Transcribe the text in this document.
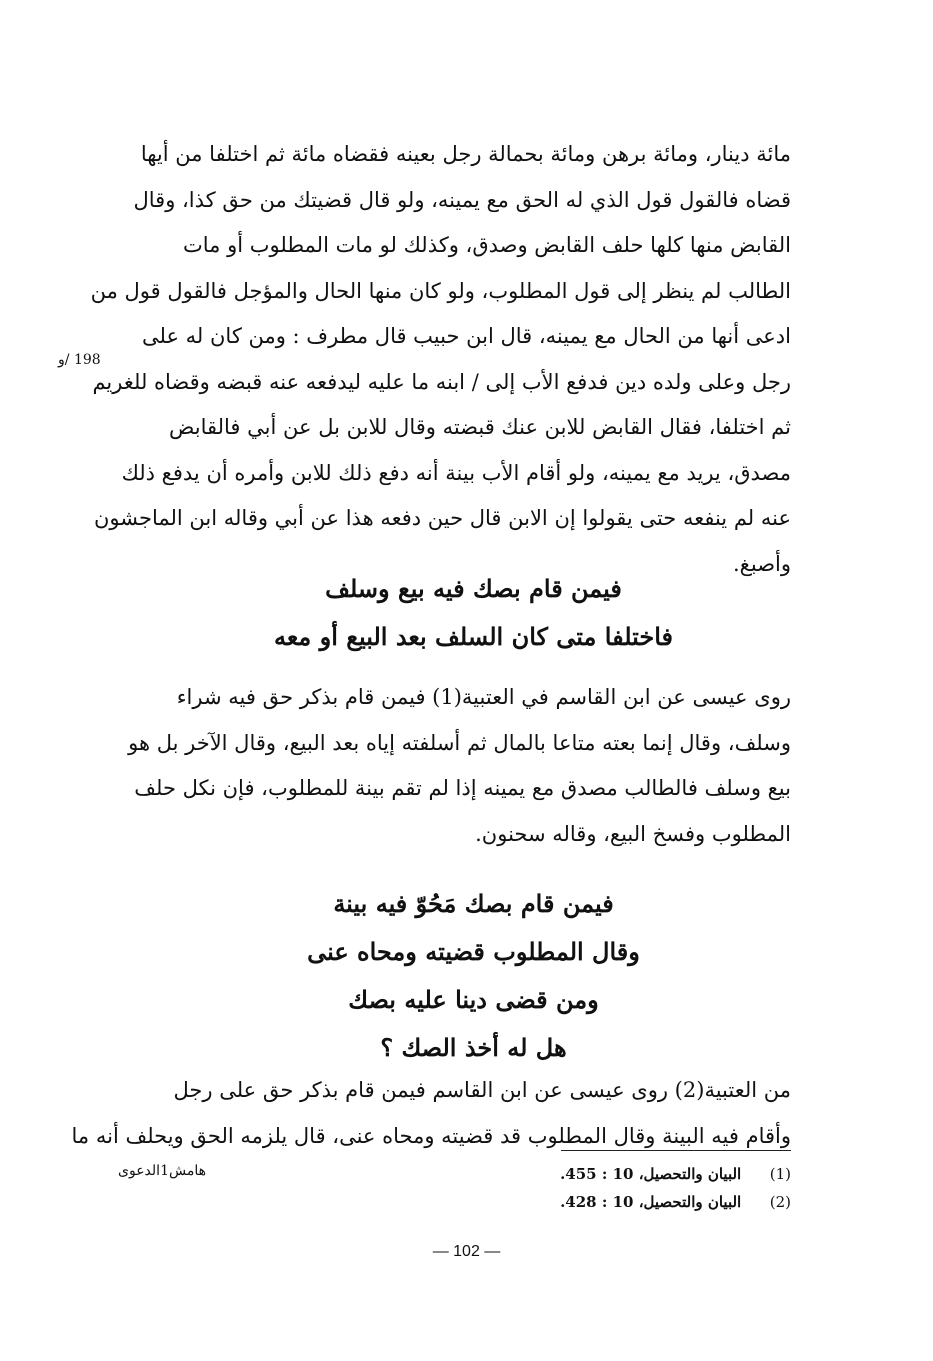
198 /و
مائة دينار، ومائة برهن ومائة بحمالة رجل بعينه فقضاه مائة ثم اختلفا من أيها
قضاه فالقول قول الذي له الحق مع يمينه، ولو قال قضيتك من حق كذا، وقال
القابض منها كلها حلف القابض وصدق، وكذلك لو مات المطلوب أو مات
الطالب لم ينظر إلى قول المطلوب، ولو كان منها الحال والمؤجل فالقول قول من
ادعى أنها من الحال مع يمينه، قال ابن حبيب قال مطرف : ومن كان له على
رجل وعلى ولده دين فدفع الأب إلى / ابنه ما عليه ليدفعه عنه قبضه وقضاه للغريم
ثم اختلفا، فقال القابض للابن عنك قبضته وقال للابن بل عن أبي فالقابض
مصدق، يريد مع يمينه، ولو أقام الأب بينة أنه دفع ذلك للابن وأمره أن يدفع ذلك
عنه لم ينفعه حتى يقولوا إن الابن قال حين دفعه هذا عن أبي وقاله ابن الماجشون
وأصبغ.
فيمن قام بصك فيه بيع وسلف
فاختلفا متى كان السلف بعد البيع أو معه
روى عيسى عن ابن القاسم في العتبية(1) فيمن قام بذكر حق فيه شراء
وسلف، وقال إنما بعته متاعا بالمال ثم أسلفته إياه بعد البيع، وقال الآخر بل هو
بيع وسلف فالطالب مصدق مع يمينه إذا لم تقم بينة للمطلوب، فإن نكل حلف
المطلوب وفسخ البيع، وقاله سحنون.
فيمن قام بصك مَحُوّ فيه بينة
وقال المطلوب قضيته ومحاه عنى
ومن قضى دينا عليه بصك
هل له أخذ الصك ؟
من العتبية(2) روى عيسى عن ابن القاسم فيمن قام بذكر حق على رجل
وأقام فيه البينة وقال المطلوب قد قضيته ومحاه عنى، قال يلزمه الحق ويحلف أنه ما
(1) البيان والتحصيل، 10 : 455.
(2) البيان والتحصيل، 10 : 428.
هامش1الدعوى
— 102 —
